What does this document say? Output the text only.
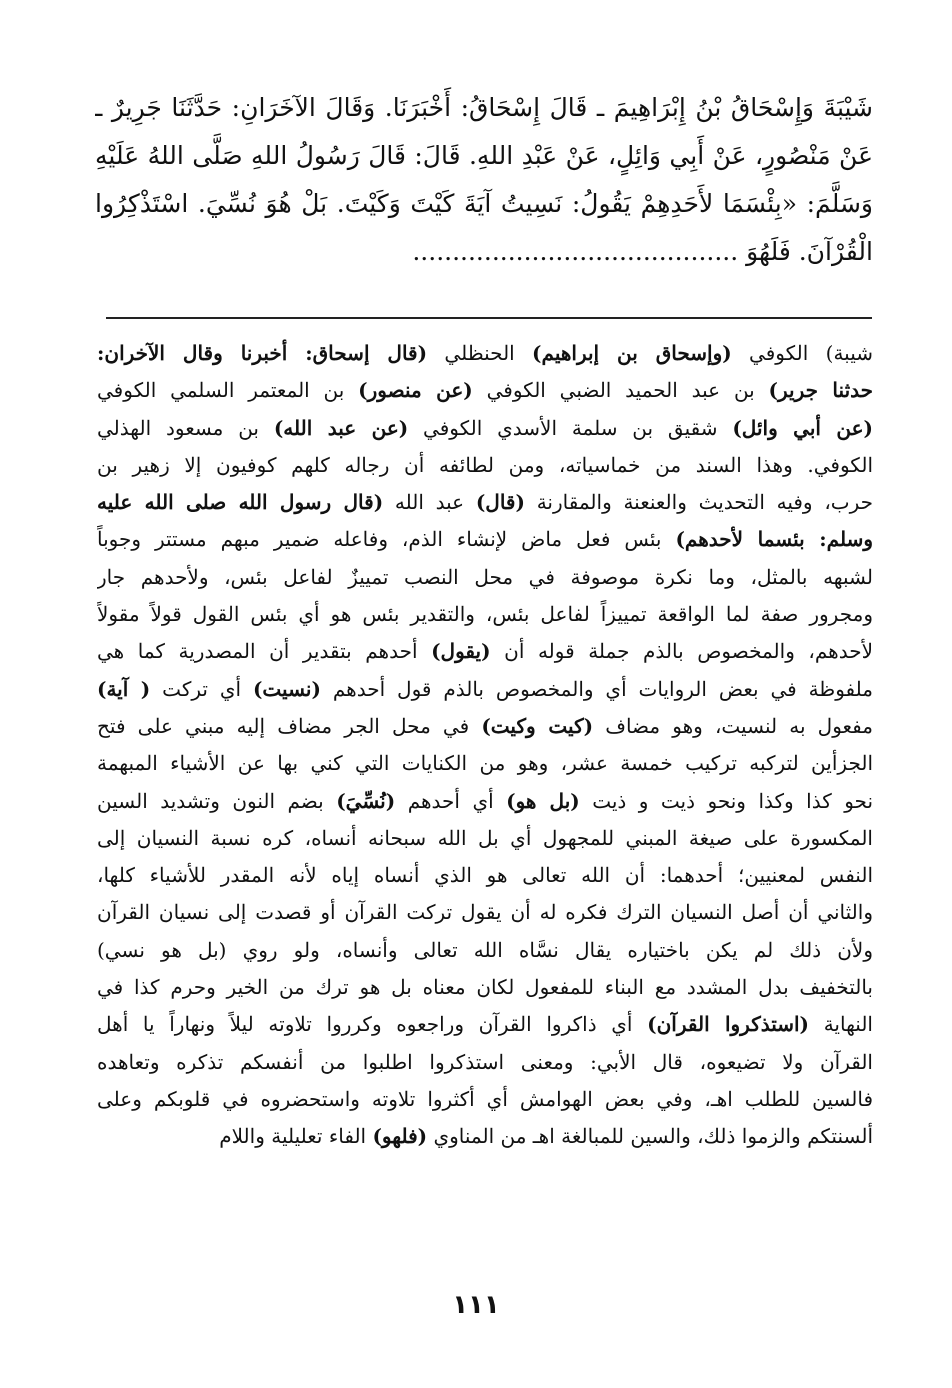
شَيْبَةَ وَإِسْحَاقُ بْنُ إِبْرَاهِيمَ ـ قَالَ إِسْحَاقُ: أَخْبَرَنَا. وَقَالَ الآخَرَانِ: حَدَّثَنَا جَرِيرٌ ـ
عَنْ مَنْصُورٍ، عَنْ أَبِي وَائِلٍ، عَنْ عَبْدِ اللهِ. قَالَ: قَالَ رَسُولُ اللهِ صَلَّى اللهُ عَلَيْهِ
وَسَلَّمَ: «بِئْسَمَا لأَحَدِهِمْ يَقُولُ: نَسِيتُ آيَةَ كَيْتَ وَكَيْتَ. بَلْ هُوَ نُسِّيَ. اسْتَذْكِرُوا
الْقُرْآنَ. فَلَهُوَ .........................................
شيبة) الكوفي (وإسحاق بن إبراهيم) الحنظلي (قال إسحاق: أخبرنا وقال الآخران:
حدثنا جرير) بن عبد الحميد الضبي الكوفي (عن منصور) بن المعتمر السلمي الكوفي
(عن أبي وائل) شقيق بن سلمة الأسدي الكوفي (عن عبد الله) بن مسعود الهذلي
الكوفي. وهذا السند من خماسياته، ومن لطائفه أن رجاله كلهم كوفيون إلا زهير بن
حرب، وفيه التحديث والعنعنة والمقارنة (قال) عبد الله (قال رسول الله صلى الله عليه
وسلم: بئسما لأحدهم) بئس فعل ماض لإنشاء الذم، وفاعله ضمير مبهم مستتر وجوباً
لشبهه بالمثل، وما نكرة موصوفة في محل النصب تمييزٌ لفاعل بئس، ولأحدهم جار
ومجرور صفة لما الواقعة تمييزاً لفاعل بئس، والتقدير بئس هو أي بئس القول قولاً مقولاً
لأحدهم، والمخصوص بالذم جملة قوله أن (يقول) أحدهم بتقدير أن المصدرية كما هي
ملفوظة في بعض الروايات أي والمخصوص بالذم قول أحدهم (نسيت) أي تركت ( آية)
مفعول به لنسيت، وهو مضاف (كيت وكيت) في محل الجر مضاف إليه مبني على فتح
الجزأين لتركبه تركيب خمسة عشر، وهو من الكنايات التي كني بها عن الأشياء المبهمة
نحو كذا وكذا ونحو ذيت و ذيت (بل هو) أي أحدهم (نُسِّيَ) بضم النون وتشديد السين
المكسورة على صيغة المبني للمجهول أي بل الله سبحانه أنساه، كره نسبة النسيان إلى
النفس لمعنيين؛ أحدهما: أن الله تعالى هو الذي أنساه إياه لأنه المقدر للأشياء كلها،
والثاني أن أصل النسيان الترك فكره له أن يقول تركت القرآن أو قصدت إلى نسيان القرآن
ولأن ذلك لم يكن باختياره يقال نسَّاه الله تعالى وأنساه، ولو روي (بل هو نسي)
بالتخفيف بدل المشدد مع البناء للمفعول لكان معناه بل هو ترك من الخير وحرم كذا في
النهاية (استذكروا القرآن) أي ذاكروا القرآن وراجعوه وكرروا تلاوته ليلاً ونهاراً يا أهل
القرآن ولا تضيعوه، قال الأبي: ومعنى استذكروا اطلبوا من أنفسكم تذكره وتعاهده
فالسين للطلب اهـ، وفي بعض الهوامش أي أكثروا تلاوته واستحضروه في قلوبكم وعلى
ألسنتكم والزموا ذلك، والسين للمبالغة اهـ من المناوي (فلهو) الفاء تعليلية واللام
١١١
